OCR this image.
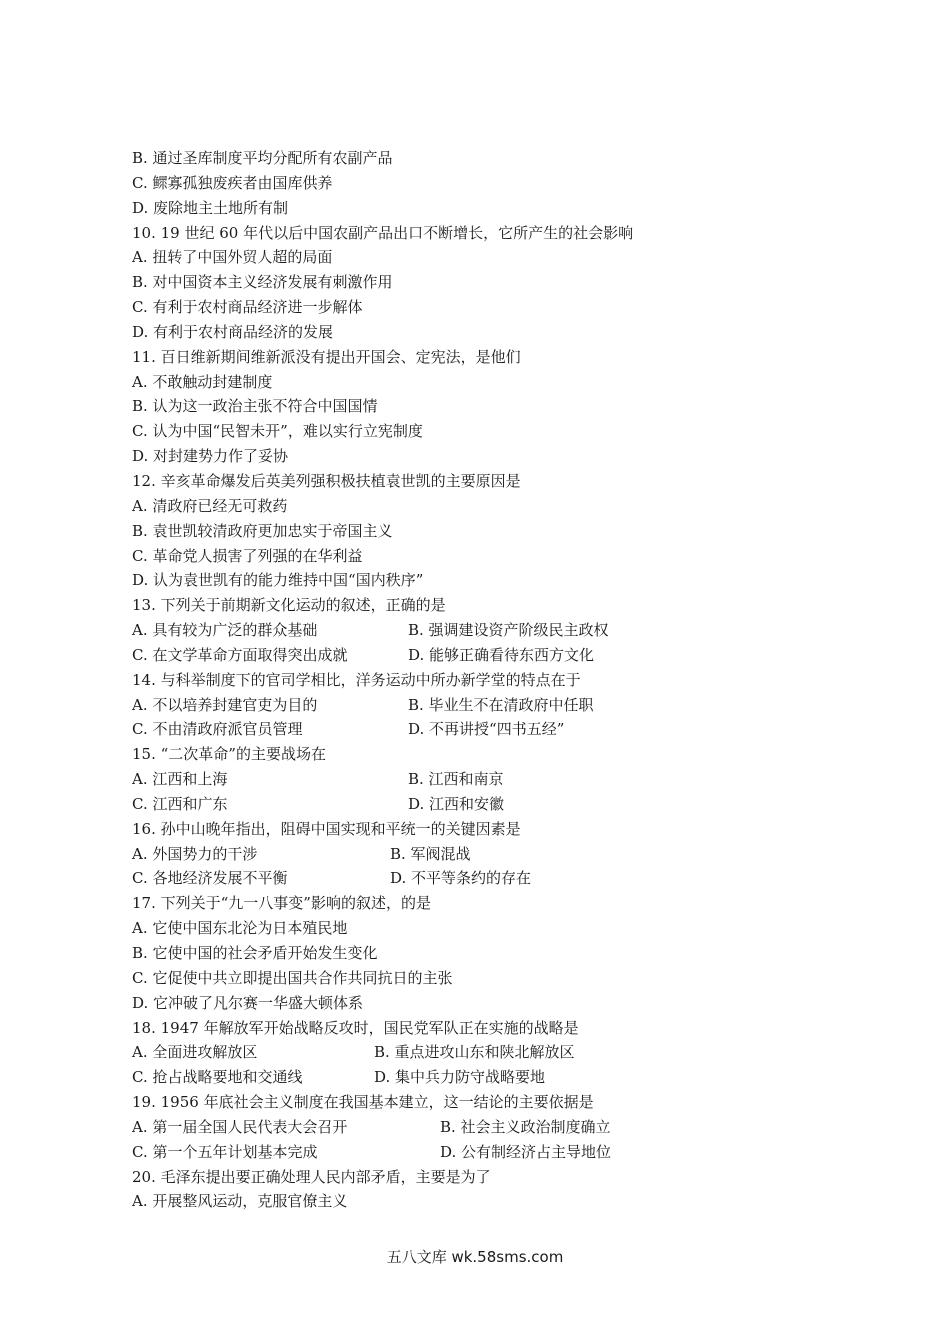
B. 通过圣库制度平均分配所有农副产品
C. 鳏寡孤独废疾者由国库供养
D. 废除地主土地所有制
10. 19 世纪 60 年代以后中国农副产品出口不断增长，它所产生的社会影响
A. 扭转了中国外贸人超的局面
B. 对中国资本主义经济发展有刺激作用
C. 有利于农村商品经济进一步解体
D. 有利于农村商品经济的发展
11. 百日维新期间维新派没有提出开国会、定宪法，是他们
A. 不敢触动封建制度
B. 认为这一政治主张不符合中国国情
C. 认为中国“民智未开”，难以实行立宪制度
D. 对封建势力作了妥协
12. 辛亥革命爆发后英美列强积极扶植袁世凯的主要原因是
A. 清政府已经无可救药
B. 袁世凯较清政府更加忠实于帝国主义
C. 革命党人损害了列强的在华利益
D. 认为袁世凯有的能力维持中国“国内秩序”
13. 下列关于前期新文化运动的叙述，正确的是
A. 具有较为广泛的群众基础	B. 强调建设资产阶级民主政权
C. 在文学革命方面取得突出成就	D. 能够正确看待东西方文化
14. 与科举制度下的官司学相比，洋务运动中所办新学堂的特点在于
A. 不以培养封建官吏为目的	B. 毕业生不在清政府中任职
C. 不由清政府派官员管理	D. 不再讲授“四书五经”
15. “二次革命”的主要战场在
A. 江西和上海	B. 江西和南京
C. 江西和广东	D. 江西和安徽
16. 孙中山晚年指出，阻碍中国实现和平统一的关键因素是
A. 外国势力的干涉	B. 军阀混战
C. 各地经济发展不平衡	D. 不平等条约的存在
17. 下列关于“九一八事变”影响的叙述，的是
A. 它使中国东北沦为日本殖民地
B. 它使中国的社会矛盾开始发生变化
C. 它促使中共立即提出国共合作共同抗日的主张
D. 它冲破了凡尔赛一华盛大顿体系
18. 1947 年解放军开始战略反攻时，国民党军队正在实施的战略是
A. 全面进攻解放区	B. 重点进攻山东和陕北解放区
C. 抢占战略要地和交通线	D. 集中兵力防守战略要地
19. 1956 年底社会主义制度在我国基本建立，这一结论的主要依据是
A. 第一届全国人民代表大会召开	B. 社会主义政治制度确立
C. 第一个五年计划基本完成	D. 公有制经济占主导地位
20. 毛泽东提出要正确处理人民内部矛盾，主要是为了
A. 开展整风运动，克服官僚主义
五八文库 wk.58sms.com
